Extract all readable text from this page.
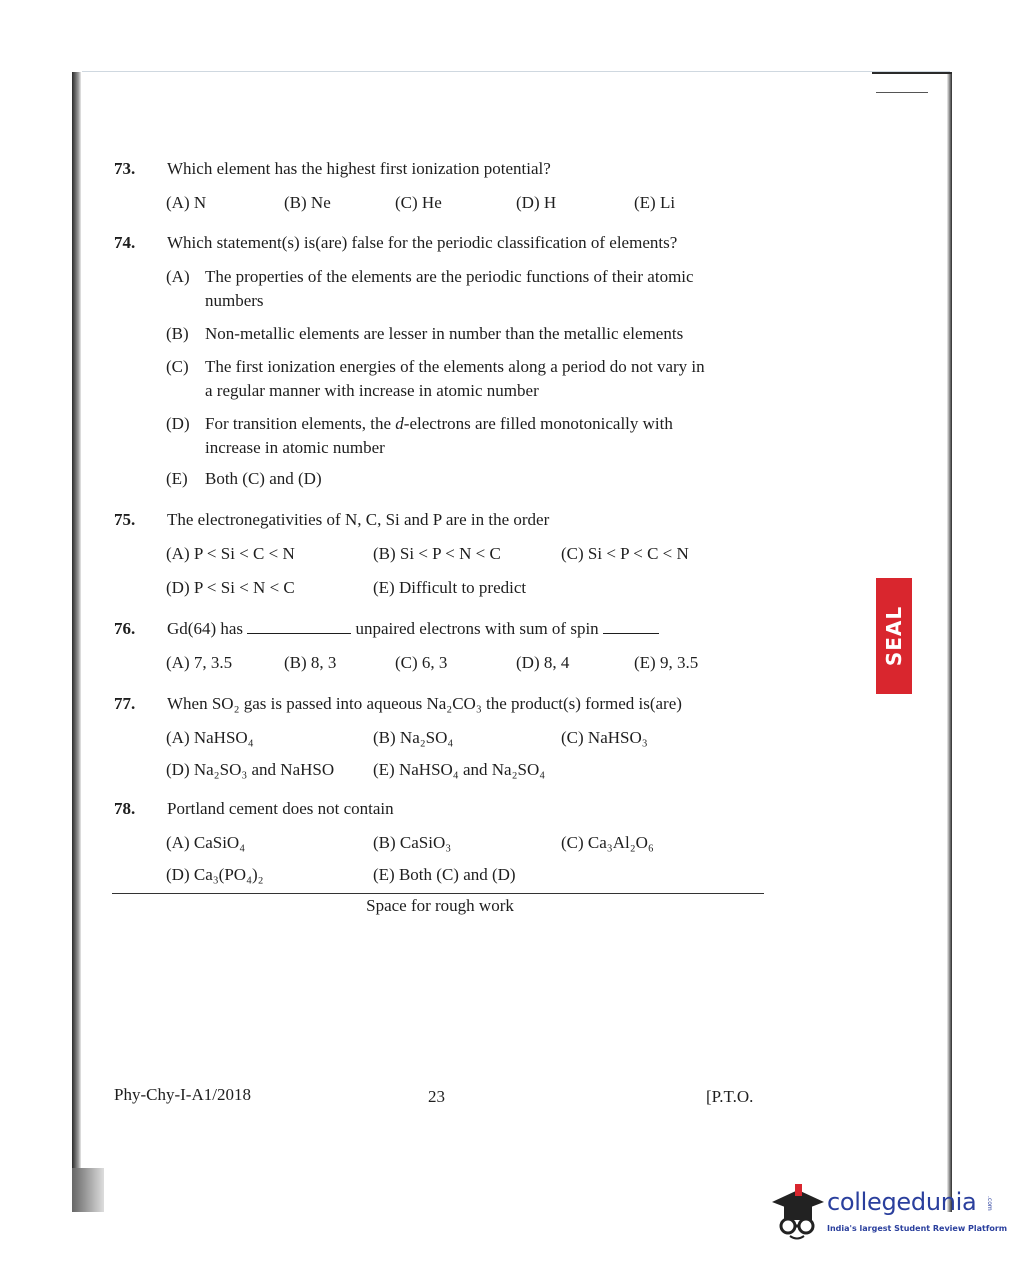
73.	Which element has the highest first ionization potential?
(A) N	(B) Ne	(C) He	(D) H	(E) Li
74.	Which statement(s) is(are) false for the periodic classification of elements?
(A) The properties of the elements are the periodic functions of their atomic
numbers
(B) Non-metallic elements are lesser in number than the metallic elements
(C) The first ionization energies of the elements along a period do not vary in
a regular manner with increase in atomic number
(D) For transition elements, the d-electrons are filled monotonically with
increase in atomic number
(E) Both (C) and (D)
75.	The electronegativities of N, C, Si and P are in the order
(A) P < Si < C < N	(B) Si < P < N < C	(C) Si < P < C < N
(D) P < Si < N < C	(E) Difficult to predict
76.	Gd(64) has	unpaired electrons with sum of spin
(A) 7, 3.5	(B) 8, 3	(C) 6, 3	(D) 8, 4	(E) 9, 3.5
77.	When SO₂ gas is passed into aqueous Na₂CO₃ the product(s) formed is(are)
(A) NaHSO₄	(B) Na₂SO₄	(C) NaHSO₃
(D) Na₂SO₃ and NaHSO (E) NaHSO₄ and Na₂SO₄
78.	Portland cement does not contain
(A) CaSiO₄	(B) CaSiO₃	(C) Ca₃Al₂O₆
(D) Ca₃(PO₄)₂	(E) Both (C) and (D)
Space for rough work
Phy-Chy-I-A1/2018	23	[P.T.O.
SEAL
collegedunia .com
India's largest Student Review Platform
